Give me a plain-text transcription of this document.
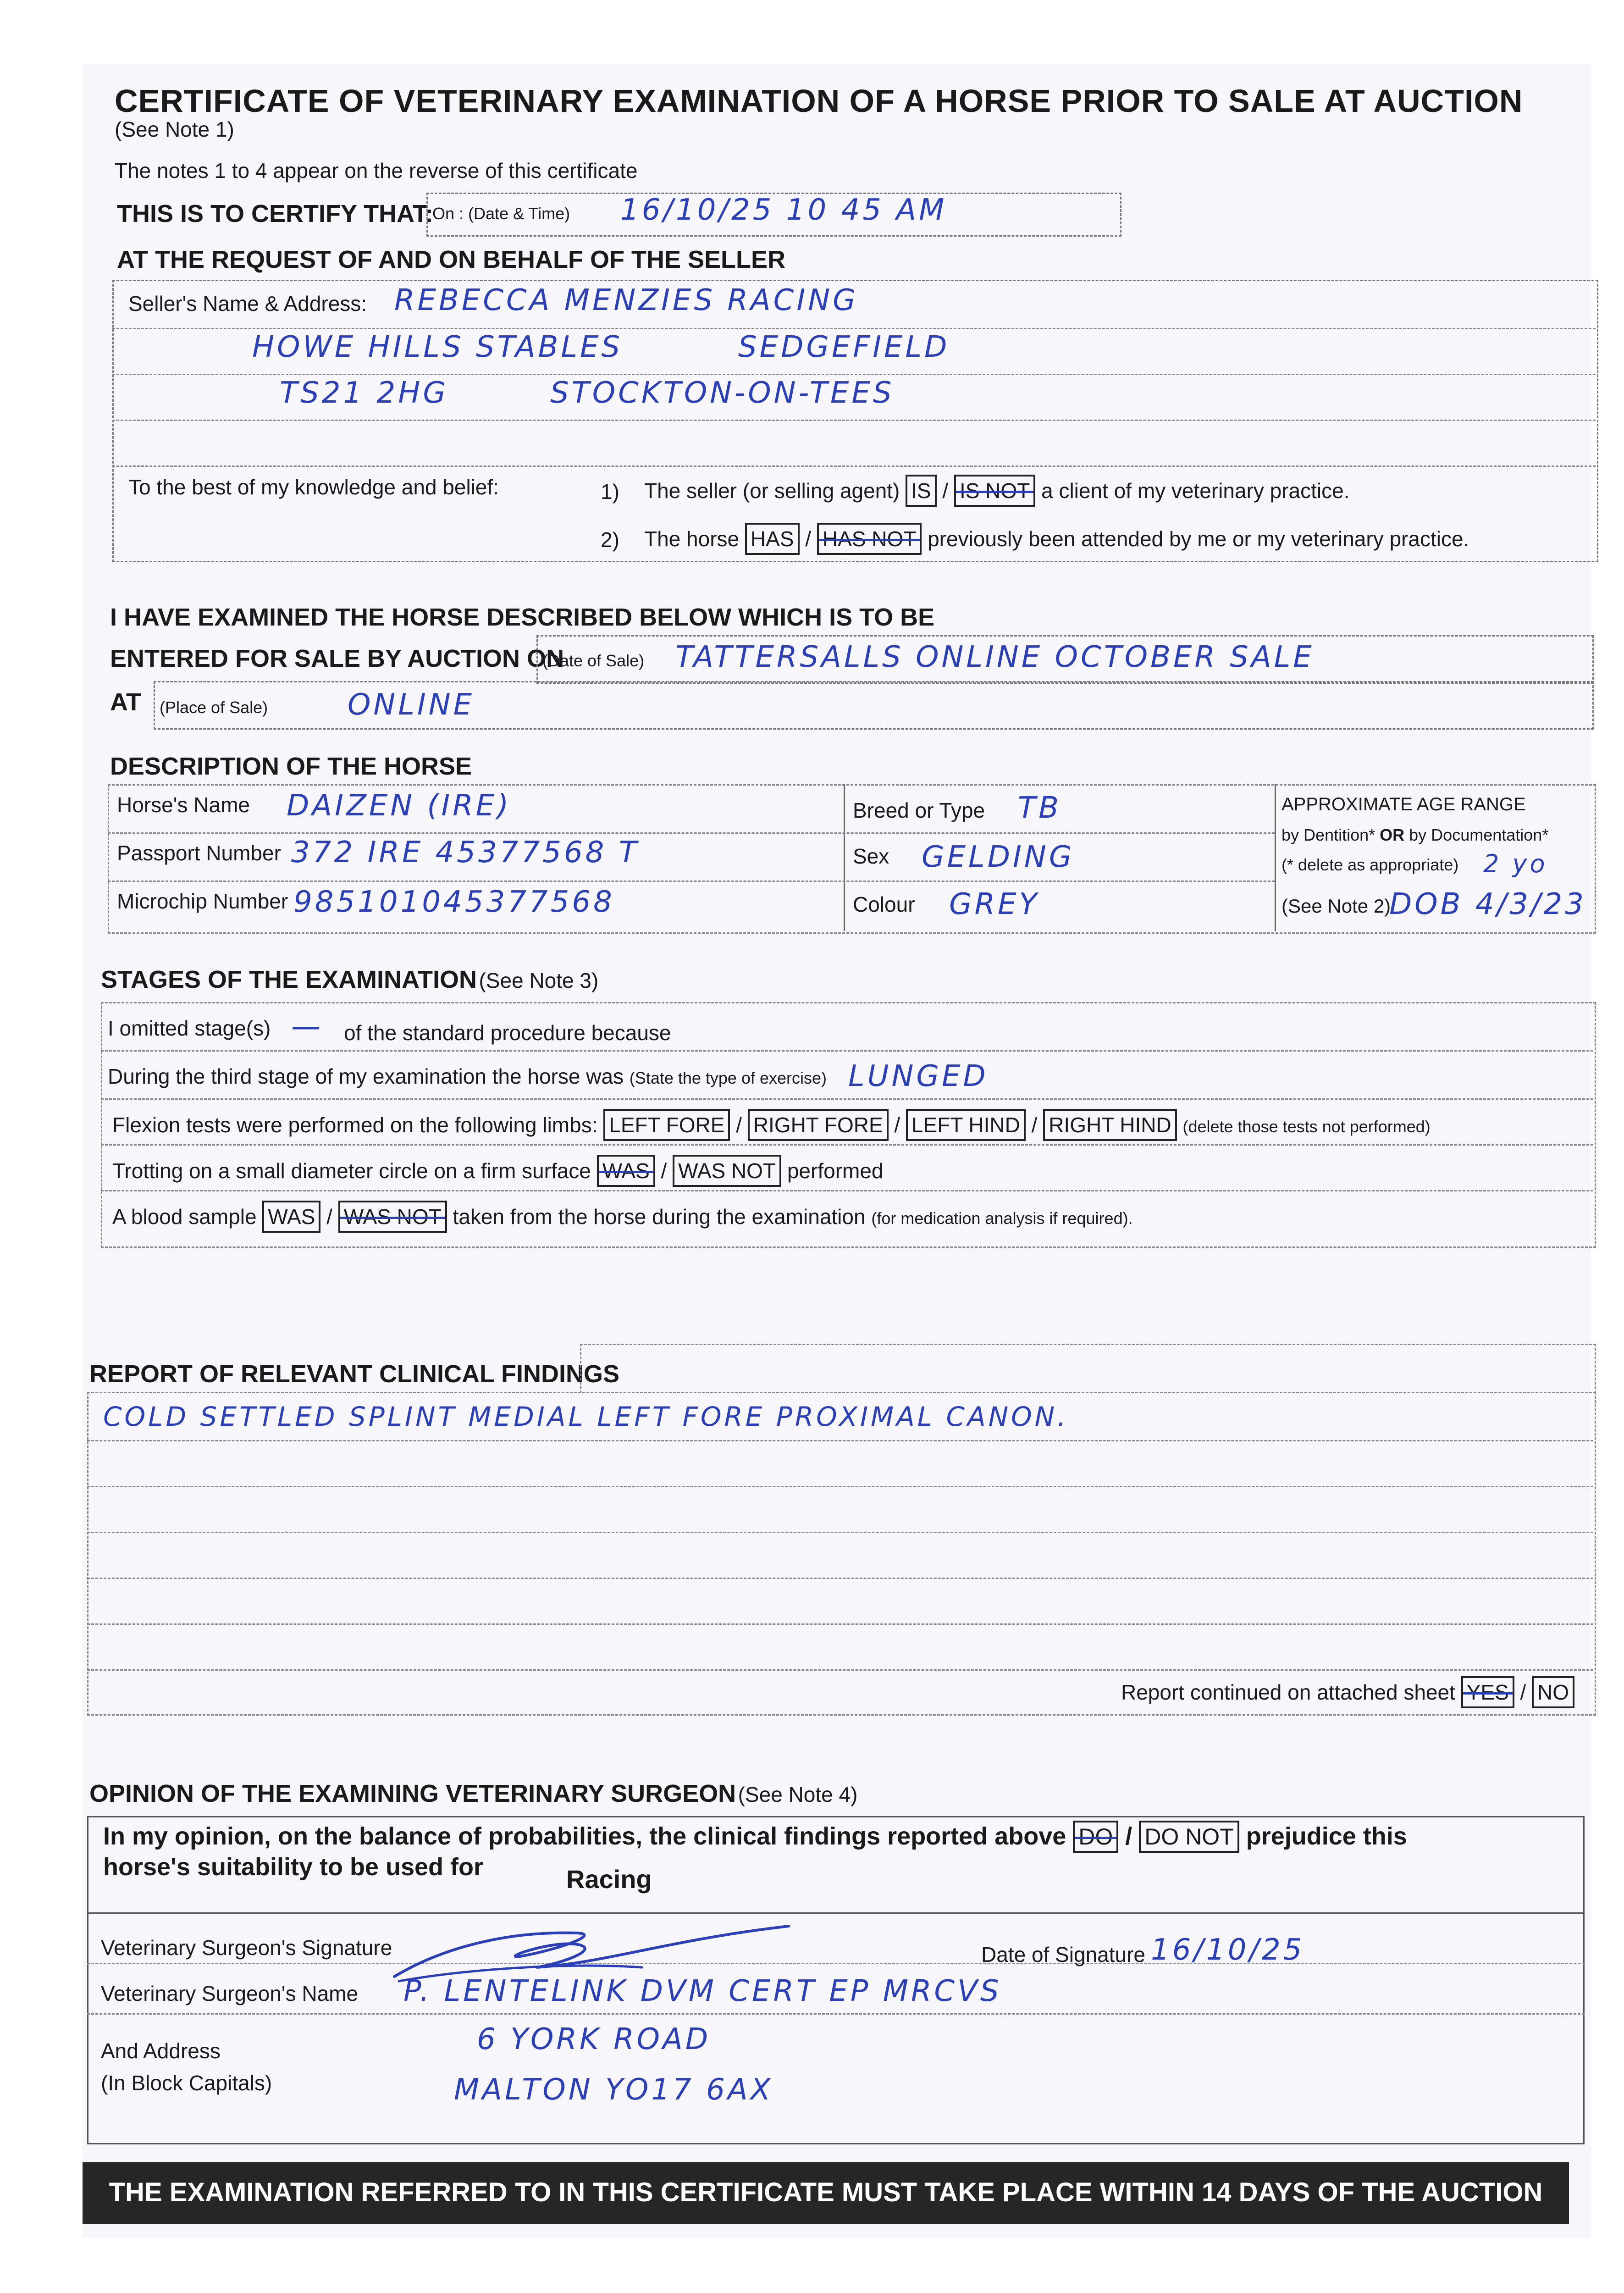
CERTIFICATE OF VETERINARY EXAMINATION OF A HORSE PRIOR TO SALE AT AUCTION
(See Note 1)
The notes 1 to 4 appear on the reverse of this certificate
THIS IS TO CERTIFY THAT:
On : (Date & Time) 16/10/25 10 45 AM
AT THE REQUEST OF AND ON BEHALF OF THE SELLER
Seller's Name & Address: REBECCA MENZIES RACING
HOWE HILLS STABLES	SEDGEFIELD
TS21 2HG	STOCKTON-ON-TEES
To the best of my knowledge and belief:	1) The seller (or selling agent) IS / IS NOT a client of my veterinary practice.
2) The horse HAS / HAS NOT previously been attended by me or my veterinary practice.
I HAVE EXAMINED THE HORSE DESCRIBED BELOW WHICH IS TO BE
ENTERED FOR SALE BY AUCTION ON
(Date of Sale) TATTERSALLS ONLINE OCTOBER SALE
AT (Place of Sale)	ONLINE
DESCRIPTION OF THE HORSE
Horse's Name DAIZEN (IRE)
Passport Number 372 IRE 45377568 T
Microchip Number 985101045377568
Breed or Type TB
Sex GELDING
Colour GREY
APPROXIMATE AGE RANGE
by Dentition* OR by Documentation*
(* delete as appropriate) 2 yo
(See Note 2)
DOB 4/3/23
STAGES OF THE EXAMINATION (See Note 3)
I omitted stage(s) — of the standard procedure because
During the third stage of my examination the horse was (State the type of exercise) LUNGED
Flexion tests were performed on the following limbs: LEFT FORE / RIGHT FORE / LEFT HIND / RIGHT HIND (delete those tests not performed)
Trotting on a small diameter circle on a firm surface WAS / WAS NOT performed
A blood sample WAS / WAS NOT taken from the horse during the examination (for medication analysis if required).
REPORT OF RELEVANT CLINICAL FINDINGS
COLD SETTLED SPLINT MEDIAL LEFT FORE PROXIMAL CANON.
Report continued on attached sheet YES / NO
OPINION OF THE EXAMINING VETERINARY SURGEON (See Note 4)
In my opinion, on the balance of probabilities, the clinical findings reported above DO / DO NOT prejudice this
horse's suitability to be used for	Racing
Veterinary Surgeon's Signature	Date of Signature 16/10/25
Veterinary Surgeon's Name P. LENTELINK DVM CERT EP MRCVS
And Address
(In Block Capitals)
6 YORK ROAD
MALTON YO17 6AX
THE EXAMINATION REFERRED TO IN THIS CERTIFICATE MUST TAKE PLACE WITHIN 14 DAYS OF THE AUCTION
